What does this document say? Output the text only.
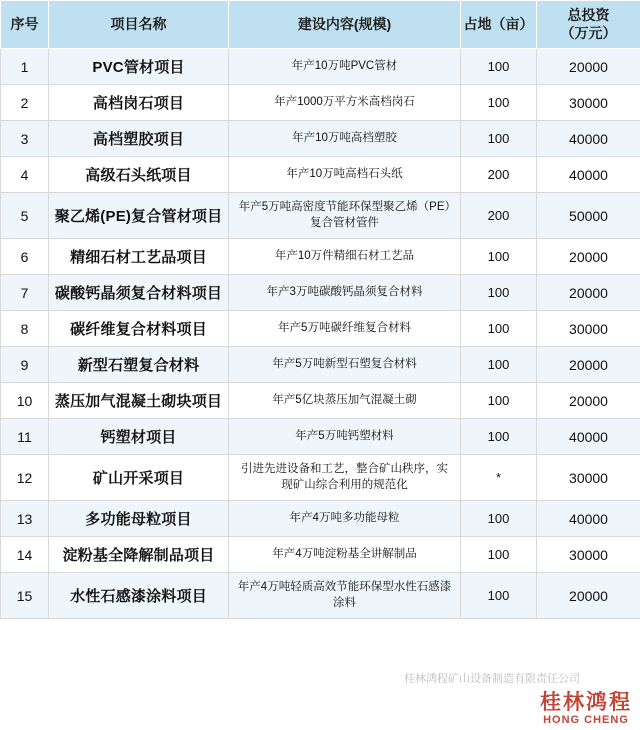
序号	项目名称	建设内容(规模)	占地（亩）	总投资
（万元）

1	PVC管材项目	年产10万吨PVC管材	100	20000
2	高档岗石项目	年产1000万平方米高档岗石	100	30000
3	高档塑胶项目	年产10万吨高档塑胶	100	40000
4	高级石头纸项目	年产10万吨高档石头纸	200	40000
5	聚乙烯(PE)复合管材项目	年产5万吨高密度节能环保型聚乙烯（PE）复合管材管件	200	50000
6	精细石材工艺品项目	年产10万件精细石材工艺品	100	20000
7	碳酸钙晶须复合材料项目	年产3万吨碳酸钙晶须复合材料	100	20000
8	碳纤维复合材料项目	年产5万吨碳纤维复合材料	100	30000
9	新型石塑复合材料	年产5万吨新型石塑复合材料	100	20000
10	蒸压加气混凝土砌块项目	年产5亿块蒸压加气混凝土砌	100	20000
11	钙塑材项目	年产5万吨钙塑材料	100	40000
12	矿山开采项目	引进先进设备和工艺，整合矿山秩序，实现矿山综合利用的规范化	*	30000
13	多功能母粒项目	年产4万吨多功能母粒	100	40000
14	淀粉基全降解制品项目	年产4万吨淀粉基全讲解制品	100	30000
15	水性石感漆涂料项目	年产4万吨轻质高效节能环保型水性石感漆涂料	100	20000
桂林鸿程矿山设备制造有限责任公司
桂林鸿程
HONG CHENG
